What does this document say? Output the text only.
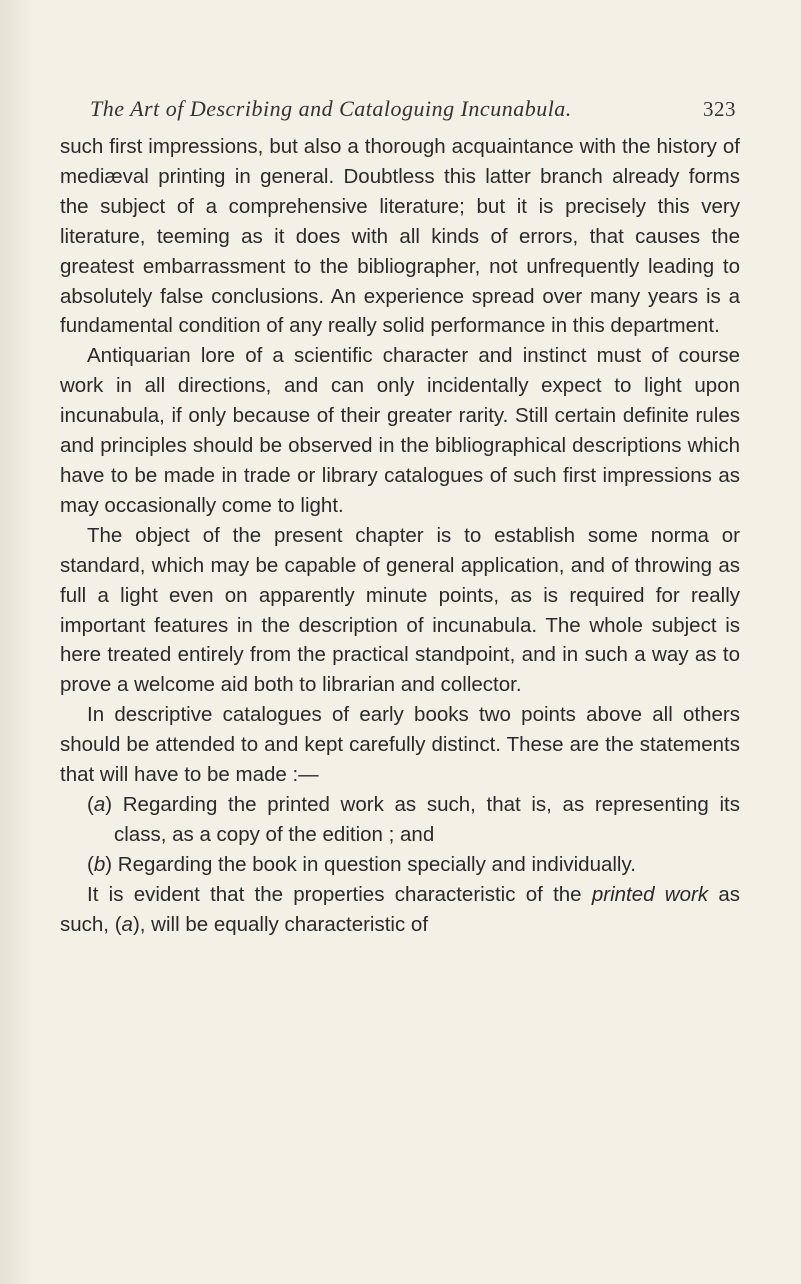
The Art of Describing and Cataloguing Incunabula.	323

such first impressions, but also a thorough acquaintance with the history of mediæval printing in general. Doubtless this latter branch already forms the subject of a comprehensive literature; but it is precisely this very literature, teeming as it does with all kinds of errors, that causes the greatest embarrassment to the bibliographer, not unfrequently leading to absolutely false conclusions. An experience spread over many years is a fundamental condition of any really solid performance in this department.

Antiquarian lore of a scientific character and instinct must of course work in all directions, and can only incidentally expect to light upon incunabula, if only because of their greater rarity. Still certain definite rules and principles should be observed in the bibliographical descriptions which have to be made in trade or library catalogues of such first impressions as may occasionally come to light.

The object of the present chapter is to establish some norma or standard, which may be capable of general application, and of throwing as full a light even on apparently minute points, as is required for really important features in the description of incunabula. The whole subject is here treated entirely from the practical standpoint, and in such a way as to prove a welcome aid both to librarian and collector.

In descriptive catalogues of early books two points above all others should be attended to and kept carefully distinct. These are the statements that will have to be made :—

(a) Regarding the printed work as such, that is, as representing its class, as a copy of the edition ; and

(b) Regarding the book in question specially and individually.

It is evident that the properties characteristic of the printed work as such, (a), will be equally characteristic of
